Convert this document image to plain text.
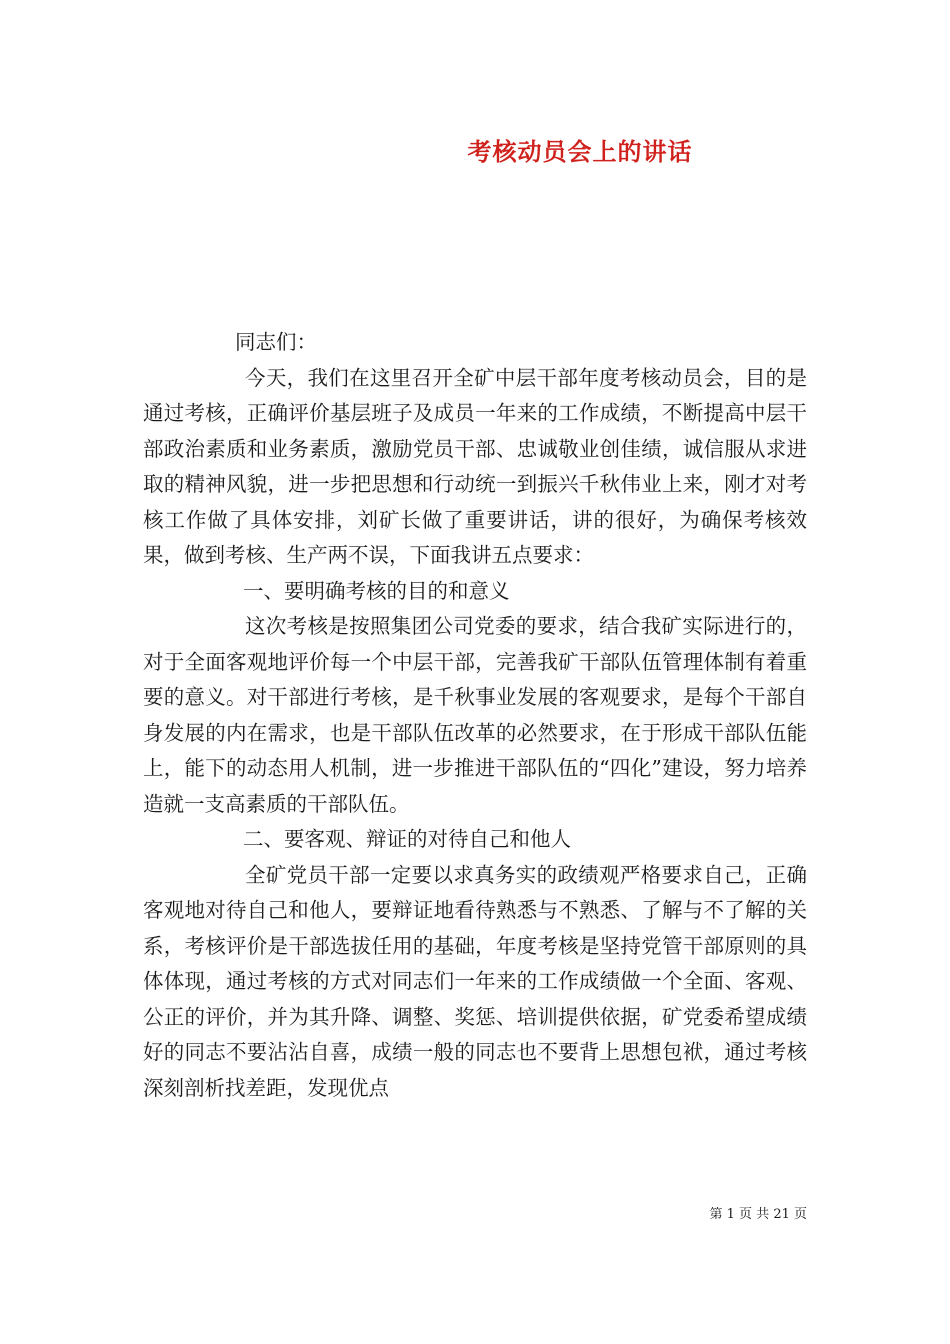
考核动员会上的讲话

同志们：

今天，我们在这里召开全矿中层干部年度考核动员会，目的是通过考核，正确评价基层班子及成员一年来的工作成绩，不断提高中层干部政治素质和业务素质，激励党员干部、忠诚敬业创佳绩，诚信服从求进取的精神风貌，进一步把思想和行动统一到振兴千秋伟业上来，刚才对考核工作做了具体安排，刘矿长做了重要讲话，讲的很好，为确保考核效果，做到考核、生产两不误，下面我讲五点要求：

一、要明确考核的目的和意义

这次考核是按照集团公司党委的要求，结合我矿实际进行的，对于全面客观地评价每一个中层干部，完善我矿干部队伍管理体制有着重要的意义。对干部进行考核，是千秋事业发展的客观要求，是每个干部自身发展的内在需求，也是干部队伍改革的必然要求，在于形成干部队伍能上，能下的动态用人机制，进一步推进干部队伍的“四化”建设，努力培养造就一支高素质的干部队伍。

二、要客观、辩证的对待自己和他人

全矿党员干部一定要以求真务实的政绩观严格要求自己，正确客观地对待自己和他人，要辩证地看待熟悉与不熟悉、了解与不了解的关系，考核评价是干部选拔任用的基础，年度考核是坚持党管干部原则的具体体现，通过考核的方式对同志们一年来的工作成绩做一个全面、客观、公正的评价，并为其升降、调整、奖惩、培训提供依据，矿党委希望成绩好的同志不要沾沾自喜，成绩一般的同志也不要背上思想包袱，通过考核深刻剖析找差距，发现优点

第 1 页 共 21 页
